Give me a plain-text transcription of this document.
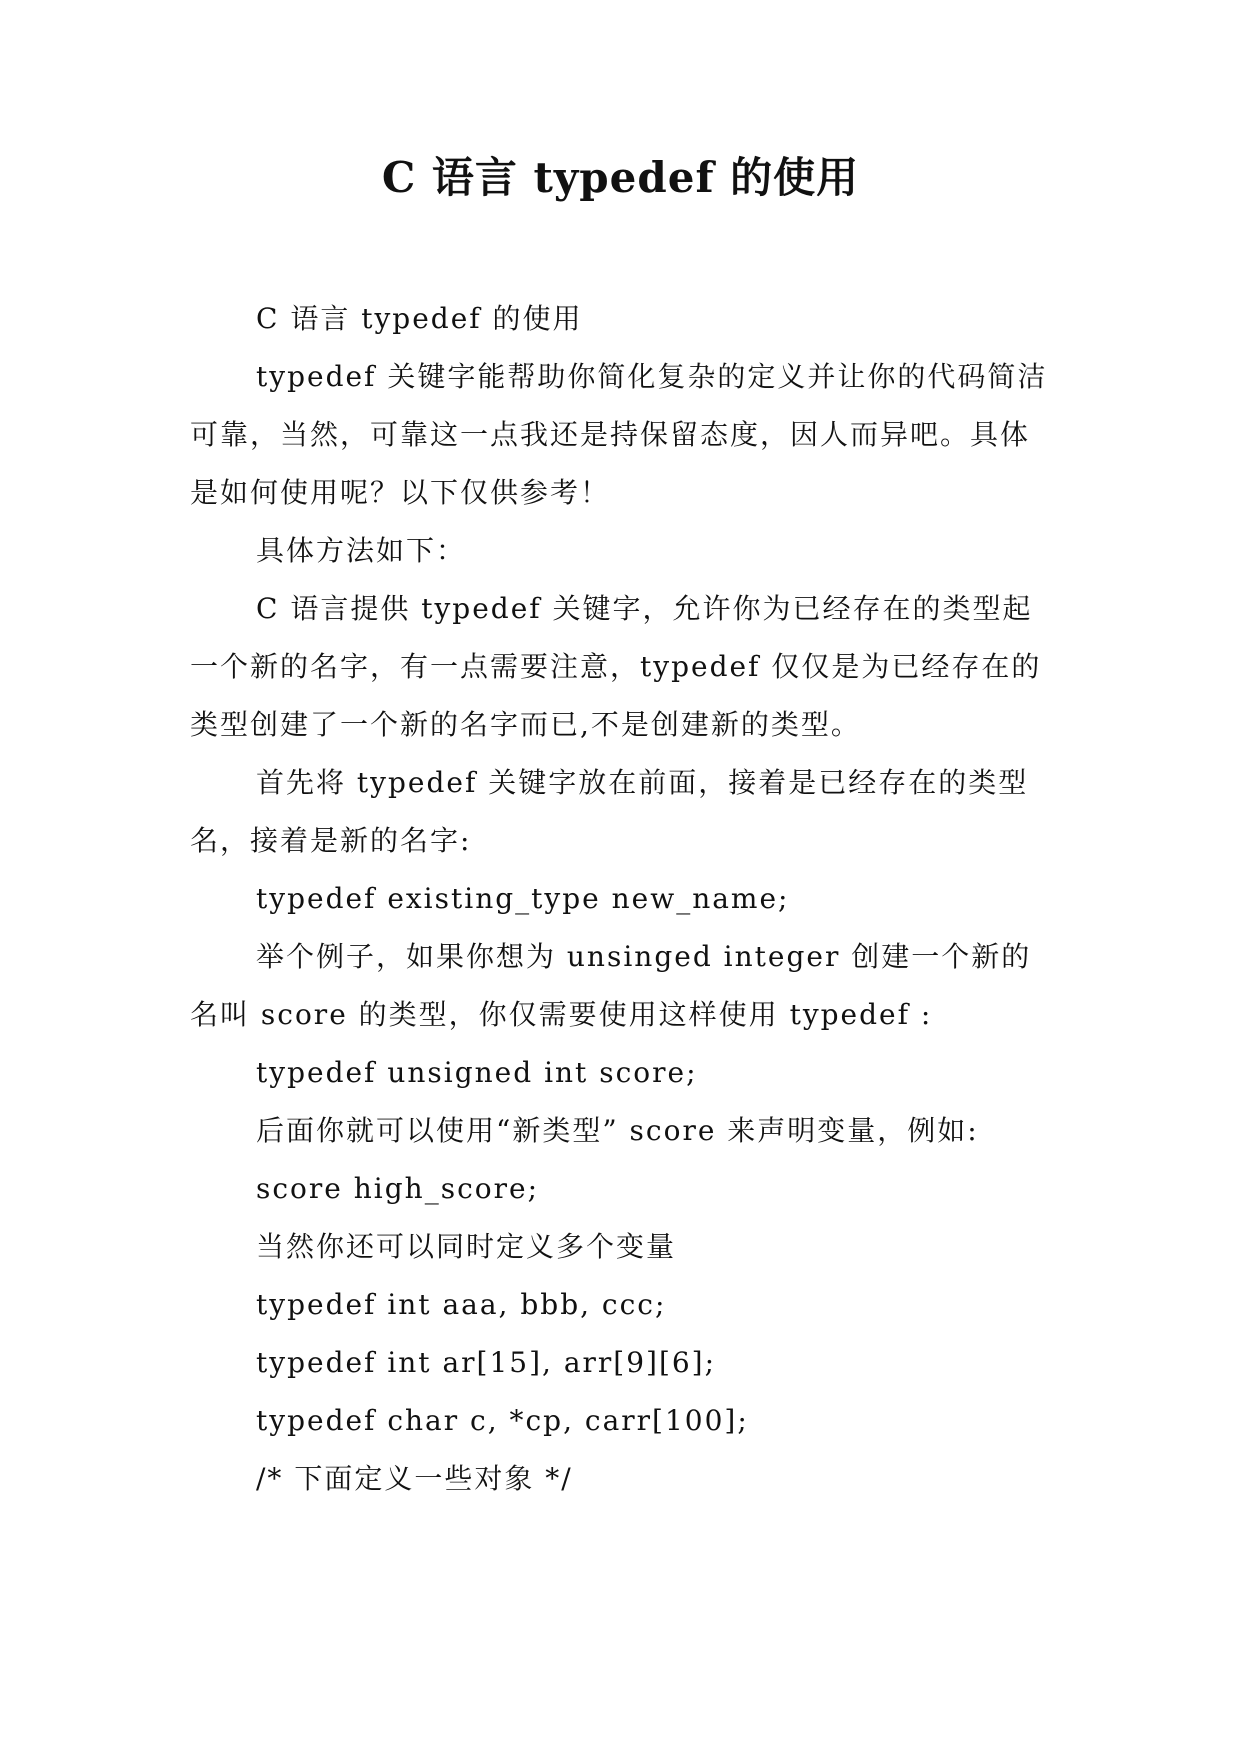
C 语言 typedef 的使用

C 语言 typedef 的使用

typedef 关键字能帮助你简化复杂的定义并让你的代码简洁可靠，当然，可靠这一点我还是持保留态度，因人而异吧。具体是如何使用呢？以下仅供参考！

具体方法如下：

C 语言提供 typedef 关键字，允许你为已经存在的类型起一个新的名字，有一点需要注意，typedef 仅仅是为已经存在的类型创建了一个新的名字而已,不是创建新的类型。

首先将 typedef 关键字放在前面，接着是已经存在的类型名，接着是新的名字:

typedef existing_type new_name;

举个例子，如果你想为 unsinged integer 创建一个新的名叫 score 的类型，你仅需要使用这样使用 typedef :

typedef unsigned int score;

后面你就可以使用“新类型” score 来声明变量，例如:

score high_score;

当然你还可以同时定义多个变量

typedef int aaa, bbb, ccc;

typedef int ar[15], arr[9][6];

typedef char c, *cp, carr[100];

/* 下面定义一些对象 */
